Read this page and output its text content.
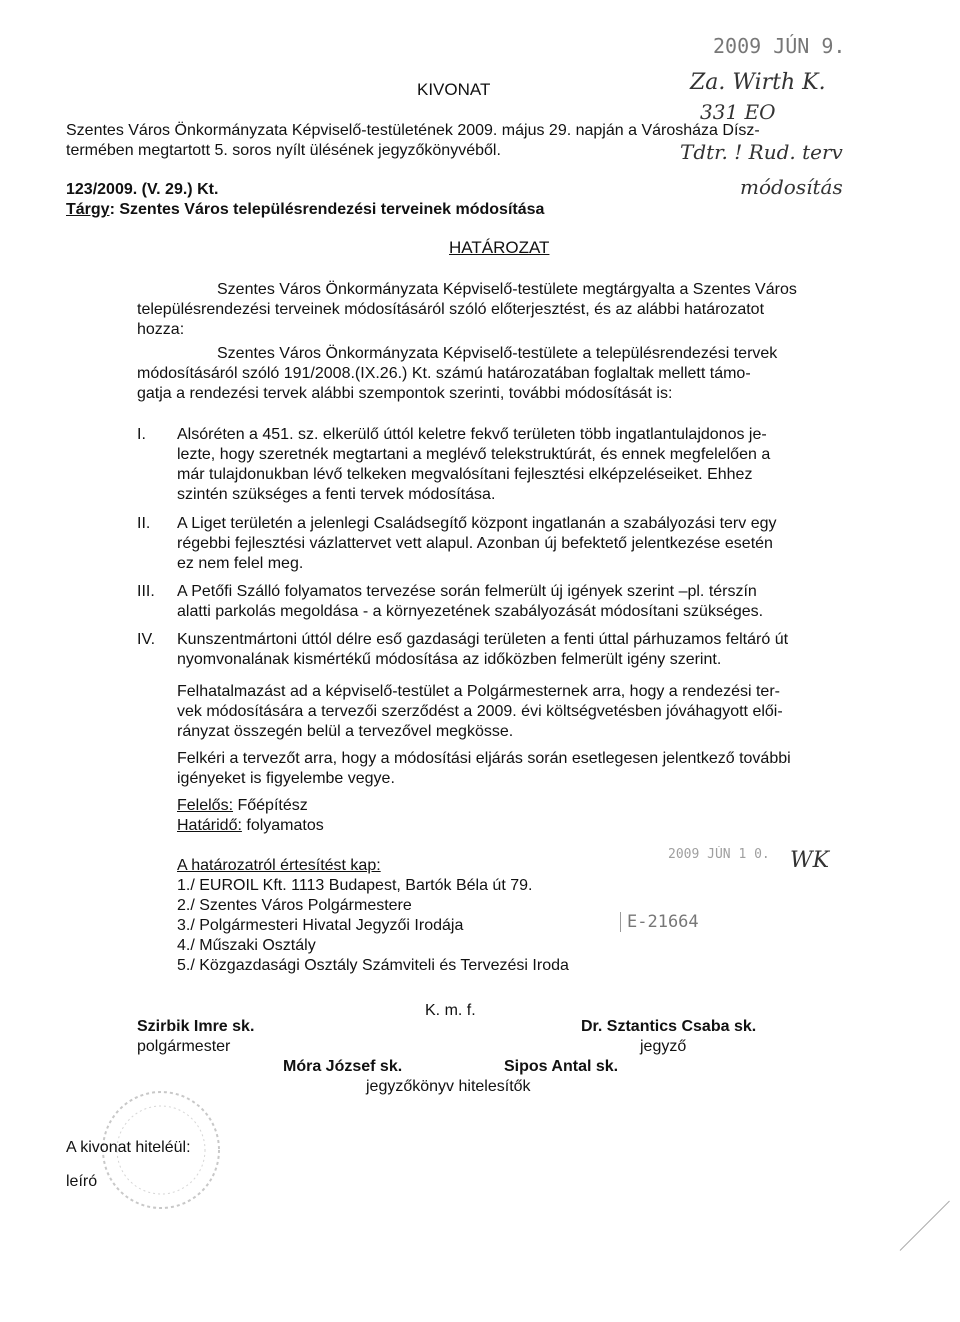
KIVONAT
Szentes Város Önkormányzata Képviselő-testületének 2009. május 29. napján a Városháza Dísz-
termében megtartott 5. soros nyílt ülésének jegyzőkönyvéből.
123/2009. (V. 29.) Kt.
Tárgy: Szentes Város településrendezési terveinek módosítása
2009 JÚN 9.
Za. Wirth K.
331 EO
Tdtr. ! Rud. terv
módosítás
HATÁROZAT
Szentes Város Önkormányzata Képviselő-testülete megtárgyalta a Szentes Város
településrendezési terveinek módosításáról szóló előterjesztést, és az alábbi határozatot
hozza:
Szentes Város Önkormányzata Képviselő-testülete a településrendezési tervek
módosításáról szóló 191/2008.(IX.26.) Kt. számú határozatában foglaltak mellett támo-
gatja a rendezési tervek alábbi szempontok szerinti, további módosítását is:
I. Alsóréten a 451. sz. elkerülő úttól keletre fekvő területen több ingatlantulajdonos je-
lezte, hogy szeretnék megtartani a meglévő telekstruktúrát, és ennek megfelelően a
már tulajdonukban lévő telkeken megvalósítani fejlesztési elképzeléseiket. Ehhez
szintén szükséges a fenti tervek módosítása.
II. A Liget területén a jelenlegi Családsegítő központ ingatlanán a szabályozási terv egy
régebbi fejlesztési vázlattervet vett alapul. Azonban új befektető jelentkezése esetén
ez nem felel meg.
III. A Petőfi Szálló folyamatos tervezése során felmerült új igények szerint –pl. térszín
alatti parkolás megoldása - a környezetének szabályozását módosítani szükséges.
IV. Kunszentmártoni úttól délre eső gazdasági területen a fenti úttal párhuzamos feltáró út
nyomvonalának kismértékű módosítása az időközben felmerült igény szerint.
Felhatalmazást ad a képviselő-testület a Polgármesternek arra, hogy a rendezési ter-
vek módosítására a tervezői szerződést a 2009. évi költségvetésben jóváhagyott elői-
rányzat összegén belül a tervezővel megkösse.
Felkéri a tervezőt arra, hogy a módosítási eljárás során esetlegesen jelentkező további
igényeket is figyelembe vegye.
Felelős: Főépítész
Határidő: folyamatos
A határozatról értesítést kap:
1./ EUROIL Kft. 1113 Budapest, Bartók Béla út 79.
2./ Szentes Város Polgármestere
3./ Polgármesteri Hivatal Jegyzői Irodája
4./ Műszaki Osztály
5./ Közgazdasági Osztály Számviteli és Tervezési Iroda
2009 JÚN 1 0. WK
E-21664
K. m. f.
Szirbik Imre sk.
polgármester
Dr. Sztantics Csaba sk.
jegyző
Móra József sk.	Sipos Antal sk.
jegyzőkönyv hitelesítők
A kivonat hiteléül:
leíró
